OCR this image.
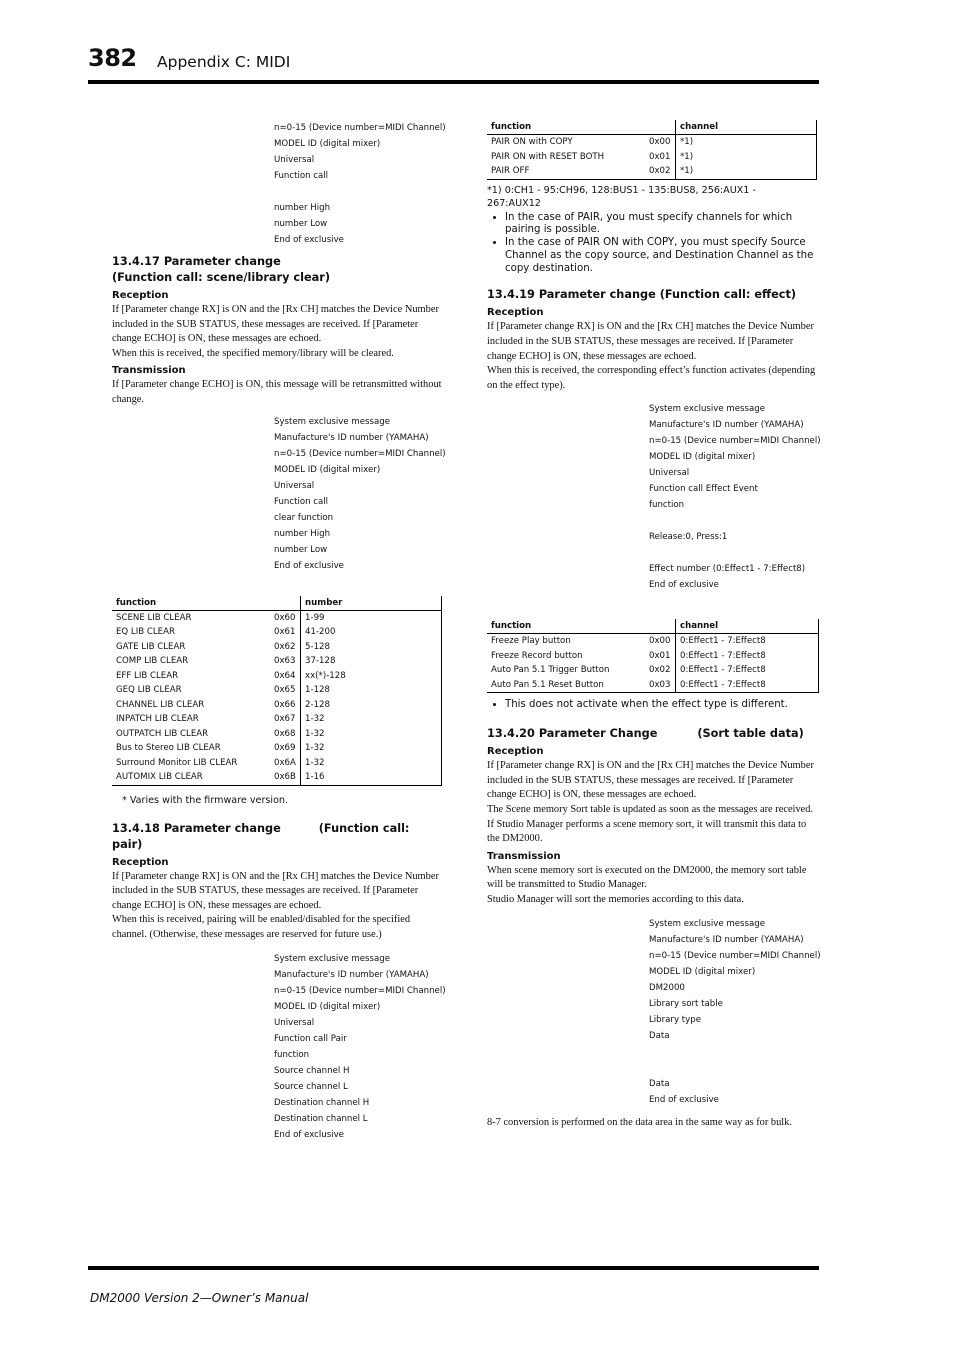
382 Appendix C: MIDI
n=0-15 (Device number=MIDI Channel)
MODEL ID (digital mixer)
Universal
Function call
number High
number Low
End of exclusive
13.4.17 Parameter change
(Function call: scene/library clear)
Reception

If [Parameter change RX] is ON and the [Rx CH] matches the Device Number included in the SUB STATUS, these messages are received. If [Parameter change ECHO] is ON, these messages are echoed.

When this is received, the specified memory/library will be cleared.

Transmission

If [Parameter change ECHO] is ON, this message will be retransmitted without change.

System exclusive message
Manufacture's ID number (YAMAHA)
n=0-15 (Device number=MIDI Channel)
MODEL ID (digital mixer)
Universal
Function call
clear function
number High
number Low
End of exclusive
function		number
SCENE LIB CLEAR	0x60	1-99
EQ LIB CLEAR	0x61	41-200
GATE LIB CLEAR	0x62	5-128
COMP LIB CLEAR	0x63	37-128
EFF LIB CLEAR	0x64	xx(*)-128
GEQ LIB CLEAR	0x65	1-128
CHANNEL LIB CLEAR	0x66	2-128
INPATCH LIB CLEAR	0x67	1-32
OUTPATCH LIB CLEAR	0x68	1-32
Bus to Stereo LIB CLEAR	0x69	1-32
Surround Monitor LIB CLEAR	0x6A	1-32
AUTOMIX LIB CLEAR	0x6B	1-16
* Varies with the firmware version.
13.4.18 Parameter change	(Function call: pair)
Reception

If [Parameter change RX] is ON and the [Rx CH] matches the Device Number included in the SUB STATUS, these messages are received. If [Parameter change ECHO] is ON, these messages are echoed.

When this is received, pairing will be enabled/disabled for the specified channel. (Otherwise, these messages are reserved for future use.)

System exclusive message
Manufacture's ID number (YAMAHA)
n=0-15 (Device number=MIDI Channel)
MODEL ID (digital mixer)
Universal
Function call Pair
function
Source channel H
Source channel L
Destination channel H
Destination channel L
End of exclusive
function		channel
PAIR ON with COPY	0x00	*1)
PAIR ON with RESET BOTH	0x01	*1)
PAIR OFF	0x02	*1)
*1) 0:CH1 - 95:CH96, 128:BUS1 - 135:BUS8, 256:AUX1 - 267:AUX12
• In the case of PAIR, you must specify channels for which pairing is possible.
• In the case of PAIR ON with COPY, you must specify Source Channel as the copy source, and Destination Channel as the copy destination.
13.4.19 Parameter change (Function call: effect)
Reception

If [Parameter change RX] is ON and the [Rx CH] matches the Device Number included in the SUB STATUS, these messages are received. If [Parameter change ECHO] is ON, these messages are echoed.

When this is received, the corresponding effect’s function activates (depending on the effect type).

System exclusive message
Manufacture's ID number (YAMAHA)
n=0-15 (Device number=MIDI Channel)
MODEL ID (digital mixer)
Universal
Function call Effect Event
function
Release:0, Press:1
Effect number (0:Effect1 - 7:Effect8)
End of exclusive
function		channel
Freeze Play button	0x00	0:Effect1 - 7:Effect8
Freeze Record button	0x01	0:Effect1 - 7:Effect8
Auto Pan 5.1 Trigger Button	0x02	0:Effect1 - 7:Effect8
Auto Pan 5.1 Reset Button	0x03	0:Effect1 - 7:Effect8
• This does not activate when the effect type is different.
13.4.20 Parameter Change	(Sort table data)
Reception

If [Parameter change RX] is ON and the [Rx CH] matches the Device Number included in the SUB STATUS, these messages are received. If [Parameter change ECHO] is ON, these messages are echoed.

The Scene memory Sort table is updated as soon as the messages are received.

If Studio Manager performs a scene memory sort, it will transmit this data to the DM2000.

Transmission

When scene memory sort is executed on the DM2000, the memory sort table will be transmitted to Studio Manager.

Studio Manager will sort the memories according to this data.

System exclusive message
Manufacture's ID number (YAMAHA)
n=0-15 (Device number=MIDI Channel)
MODEL ID (digital mixer)
DM2000
Library sort table
Library type
Data
Data
End of exclusive

8-7 conversion is performed on the data area in the same way as for bulk.

DM2000 Version 2—Owner’s Manual
